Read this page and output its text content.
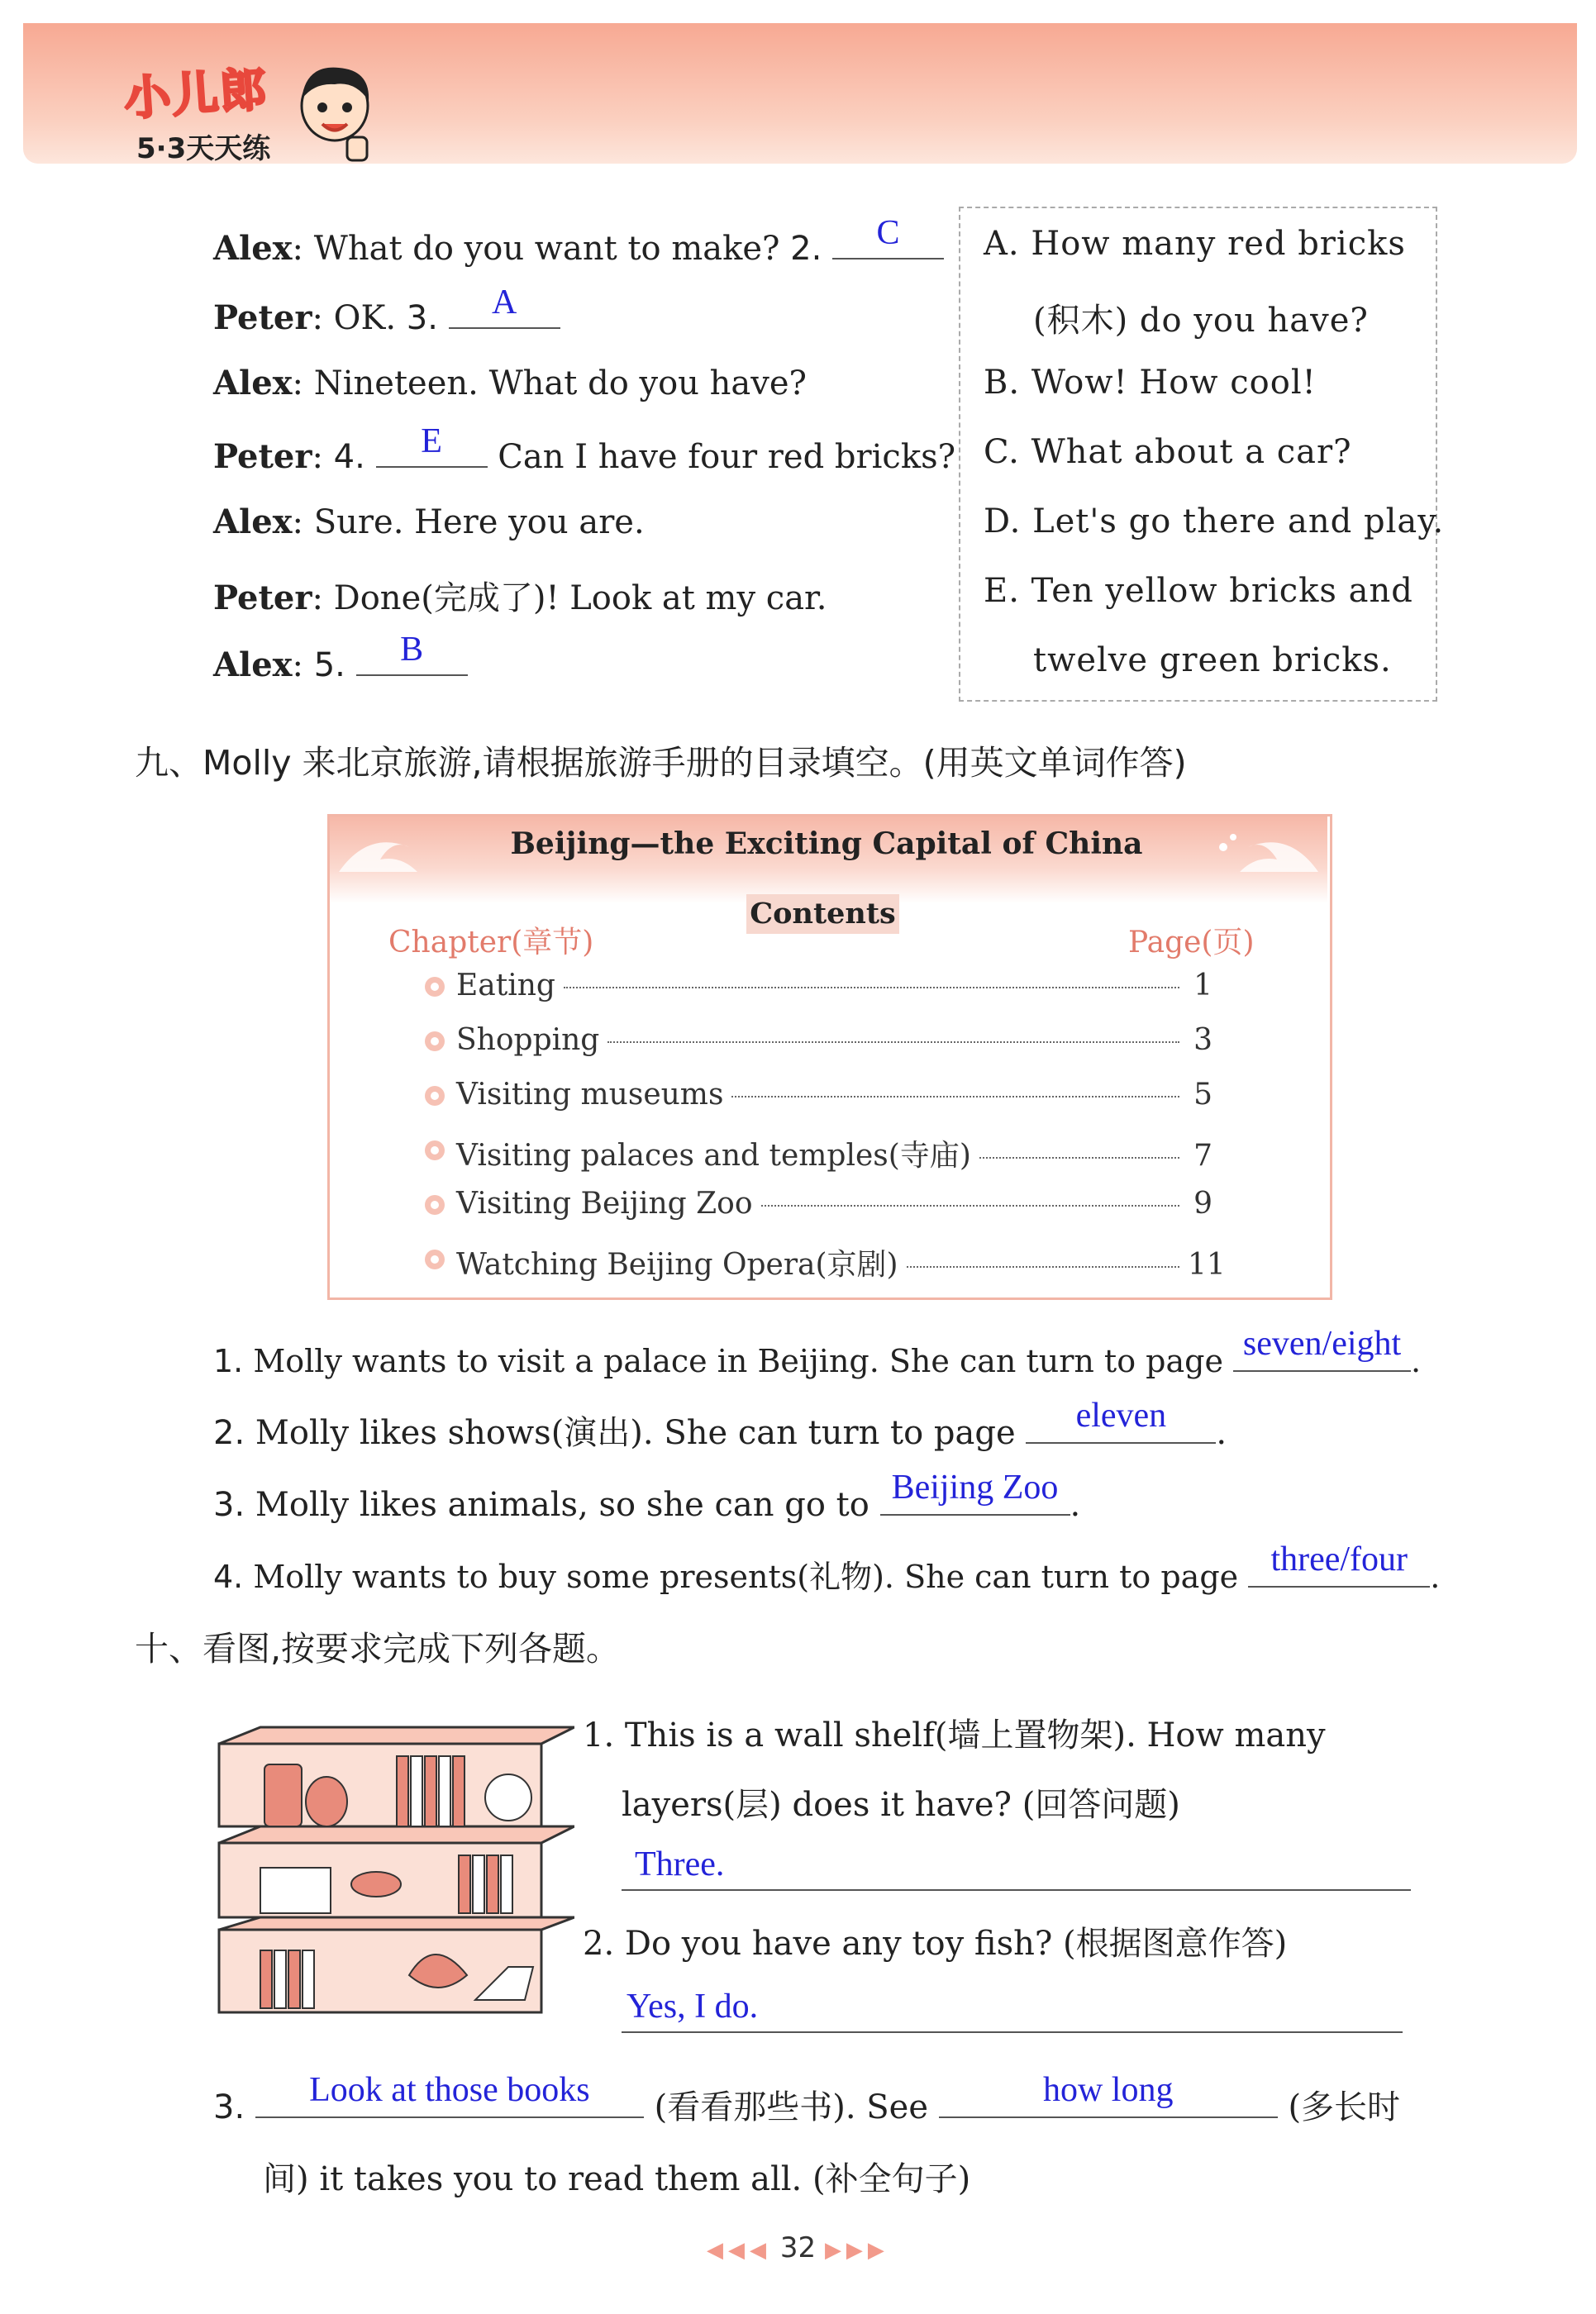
小儿郎
5·3天天练
Alex: What do you want to make? 2.	C
Peter: OK. 3.	A
Alex: Nineteen. What do you have?
Peter: 4.	E	Can I have four red bricks?
Alex: Sure. Here you are.
Peter: Done(完成了)! Look at my car.
Alex: 5.	B
A. How many red bricks
(积木) do you have?
B. Wow! How cool!
C. What about a car?
D. Let's go there and play.
E. Ten yellow bricks and
twelve green bricks.
九、Molly 来北京旅游,请根据旅游手册的目录填空。(用英文单词作答)
Beijing—the Exciting Capital of China
Contents
Chapter(章节)	Page(页)
Eating	1
Shopping	3
Visiting museums	5
Visiting palaces and temples(寺庙)	7
Visiting Beijing Zoo	9
Watching Beijing Opera(京剧)	11
1. Molly wants to visit a palace in Beijing. She can turn to page seven/eight .
2. Molly likes shows(演出). She can turn to page	eleven	.
3. Molly likes animals, so she can go to Beijing Zoo .
4. Molly wants to buy some presents(礼物). She can turn to page three/four .
十、看图,按要求完成下列各题。
1. This is a wall shelf(墙上置物架). How many
layers(层) does it have? (回答问题)
Three.
2. Do you have any toy fish? (根据图意作答)
Yes, I do.
3.	Look at those books	(看看那些书). See	how long	(多长时
间) it takes you to read them all. (补全句子)
◀◀◀ 32 ▶▶▶
